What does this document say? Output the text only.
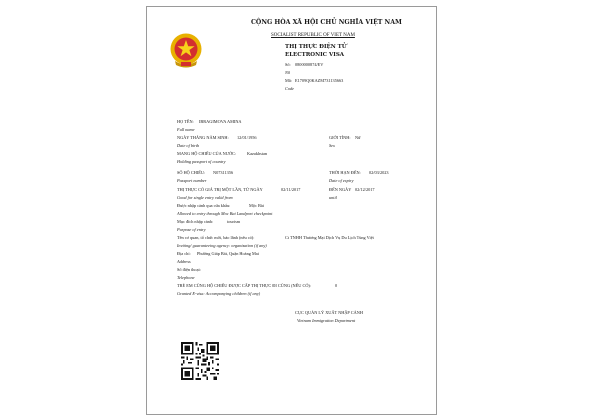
CỘNG HÒA XÃ HỘI CHỦ NGHĨA VIỆT NAM
SOCIALIST REPUBLIC OF VIET NAM
THỊ THỰC ĐIỆN TỬ
ELECTRONIC VISA
Số: 0800000874/EV
N0
Mã: E1709Q0KAZM731135663
Code
HỌ TÊN: IBRAGIMOVA AMINA
Full name
NGÀY THÁNG NĂM SINH: 12/01/1956
Date of birth
GIỚI TÍNH: Nữ
Sex
MANG HỘ CHIẾU CỦA NƯỚC:	Kazakhstan
Holding passport of country
SỐ HỘ CHIẾU: N07311356
Passport number
THỜI HẠN ĐẾN: 02/03/2023
Date of expiry
THỊ THỰC CÓ GIÁ TRỊ MỘT LẦN, TỪ NGÀY	02/11/2017
Good for single entry valid from
ĐẾN NGÀY 02/12/2017
until
Được nhập cảnh qua cửa khẩu:	Mộc Bài
Allowed to entry through Moc Bai Landport checkpoint
Mục đích nhập cảnh:	tourism
Purpose of entry
Tên cơ quan, tổ chức mời, bảo lãnh (nếu có):	Ct TNHH Thương Mại Dịch Vụ Du Lịch Tùng Việt
Inviting/ guaranteeing agency: organization (if any)
Địa chỉ: Phường Giáp Bát, Quận Hoàng Mai
Address
Số điện thoại:
Telephone
TRẺ EM CÙNG HỘ CHIẾU ĐƯỢC CẤP THỊ THỰC ĐI CÙNG (NẾU CÓ):	0
Granted E-visa: Accompanying children (if any)
CỤC QUẢN LÝ XUẤT NHẬP CẢNH
Vietnam Immigration Department
